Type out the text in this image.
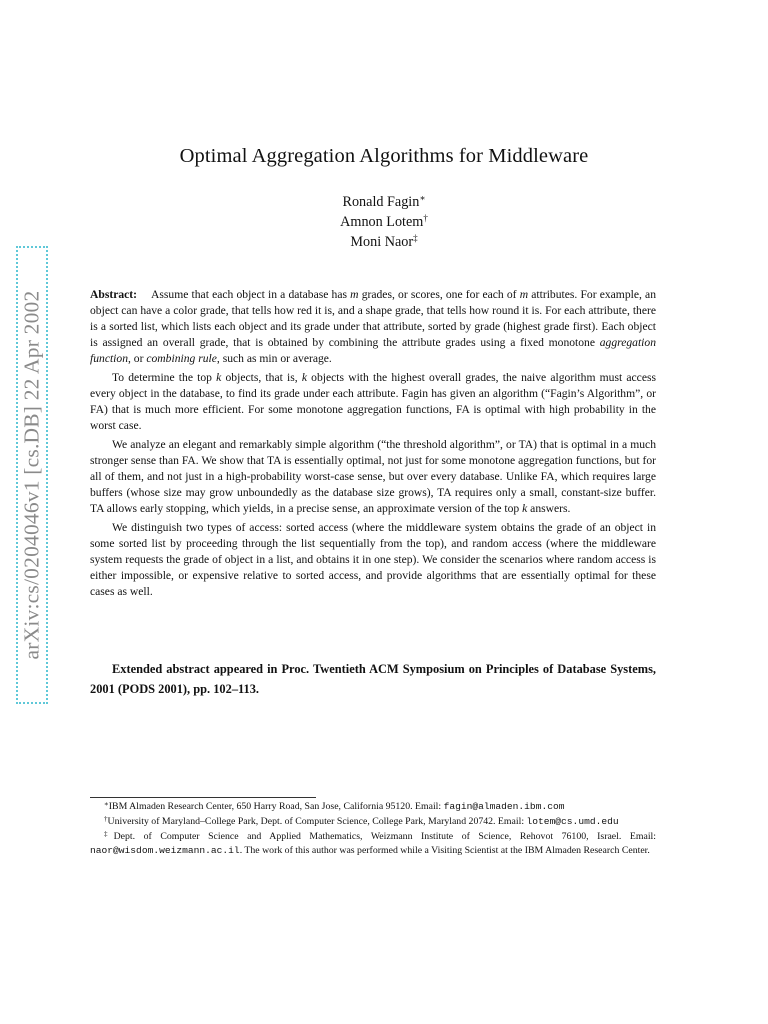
arXiv:cs/0204046v1 [cs.DB] 22 Apr 2002
Optimal Aggregation Algorithms for Middleware
Ronald Fagin∗
Amnon Lotem†
Moni Naor‡

Abstract: Assume that each object in a database has m grades, or scores, one for each of m attributes. For example, an object can have a color grade, that tells how red it is, and a shape grade, that tells how round it is. For each attribute, there is a sorted list, which lists each object and its grade under that attribute, sorted by grade (highest grade first). Each object is assigned an overall grade, that is obtained by combining the attribute grades using a fixed monotone aggregation function, or combining rule, such as min or average.

To determine the top k objects, that is, k objects with the highest overall grades, the naive algorithm must access every object in the database, to find its grade under each attribute. Fagin has given an algorithm (“Fagin’s Algorithm”, or FA) that is much more efficient. For some monotone aggregation functions, FA is optimal with high probability in the worst case.

We analyze an elegant and remarkably simple algorithm (“the threshold algorithm”, or TA) that is optimal in a much stronger sense than FA. We show that TA is essentially optimal, not just for some monotone aggregation functions, but for all of them, and not just in a high-probability worst-case sense, but over every database. Unlike FA, which requires large buffers (whose size may grow unboundedly as the database size grows), TA requires only a small, constant-size buffer. TA allows early stopping, which yields, in a precise sense, an approximate version of the top k answers.

We distinguish two types of access: sorted access (where the middleware system obtains the grade of an object in some sorted list by proceeding through the list sequentially from the top), and random access (where the middleware system requests the grade of object in a list, and obtains it in one step). We consider the scenarios where random access is either impossible, or expensive relative to sorted access, and provide algorithms that are essentially optimal for these cases as well.

Extended abstract appeared in Proc. Twentieth ACM Symposium on Principles of Database Systems, 2001 (PODS 2001), pp. 102–113.

∗IBM Almaden Research Center, 650 Harry Road, San Jose, California 95120. Email: fagin@almaden.ibm.com

†University of Maryland–College Park, Dept. of Computer Science, College Park, Maryland 20742. Email: lotem@cs.umd.edu

‡Dept. of Computer Science and Applied Mathematics, Weizmann Institute of Science, Rehovot 76100, Israel. Email: naor@wisdom.weizmann.ac.il. The work of this author was performed while a Visiting Scientist at the IBM Almaden Research Center.
